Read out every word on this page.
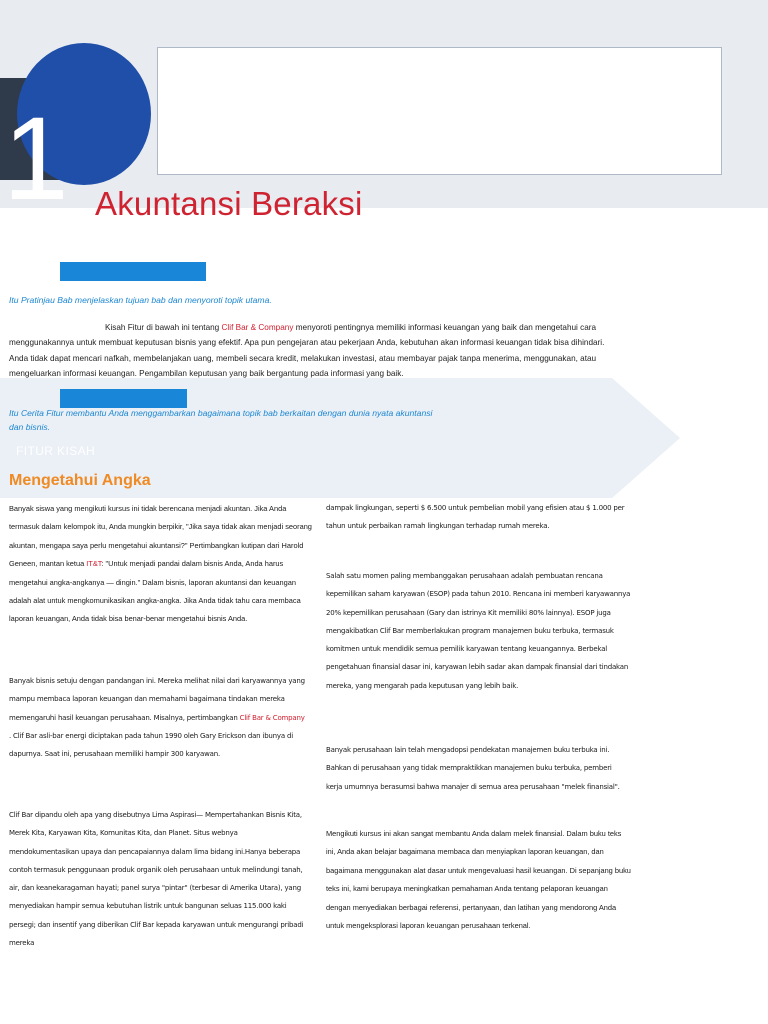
1 Akuntansi Beraksi

Itu Pratinjau Bab menjelaskan tujuan bab dan menyoroti topik utama.

Kisah Fitur di bawah ini tentang Clif Bar & Company menyoroti pentingnya memiliki informasi keuangan yang baik dan mengetahui cara menggunakannya untuk membuat keputusan bisnis yang efektif. Apa pun pengejaran atau pekerjaan Anda, kebutuhan akan informasi keuangan tidak bisa dihindari. Anda tidak dapat mencari nafkah, membelanjakan uang, membeli secara kredit, melakukan investasi, atau membayar pajak tanpa menerima, menggunakan, atau mengeluarkan informasi keuangan. Pengambilan keputusan yang baik bergantung pada informasi yang baik.

Itu Cerita Fitur membantu Anda menggambarkan bagaimana topik bab berkaitan dengan dunia nyata akuntansi dan bisnis.

FITUR KISAH
Mengetahui Angka

Banyak siswa yang mengikuti kursus ini tidak berencana menjadi akuntan. Jika Anda termasuk dalam kelompok itu, Anda mungkin berpikir, "Jika saya tidak akan menjadi seorang akuntan, mengapa saya perlu mengetahui akuntansi?" Pertimbangkan kutipan dari Harold Geneen, mantan ketua IT&T: "Untuk menjadi pandai dalam bisnis Anda, Anda harus mengetahui angka-angkanya — dingin." Dalam bisnis, laporan akuntansi dan keuangan adalah alat untuk mengkomunikasikan angka-angka. Jika Anda tidak tahu cara membaca laporan keuangan, Anda tidak bisa benar-benar mengetahui bisnis Anda.

Banyak bisnis setuju dengan pandangan ini. Mereka melihat nilai dari karyawannya yang mampu membaca laporan keuangan dan memahami bagaimana tindakan mereka memengaruhi hasil keuangan perusahaan. Misalnya, pertimbangkan Clif Bar & Company . Clif Bar asli-bar energi diciptakan pada tahun 1990 oleh Gary Erickson dan ibunya di dapurnya. Saat ini, perusahaan memiliki hampir 300 karyawan.

Clif Bar dipandu oleh apa yang disebutnya Lima Aspirasi— Mempertahankan Bisnis Kita, Merek Kita, Karyawan Kita, Komunitas Kita, dan Planet. Situs webnya mendokumentasikan upaya dan pencapaiannya dalam lima bidang ini.Hanya beberapa contoh termasuk penggunaan produk organik oleh perusahaan untuk melindungi tanah, air, dan keanekaragaman hayati; panel surya "pintar" (terbesar di Amerika Utara), yang menyediakan hampir semua kebutuhan listrik untuk bangunan seluas 115.000 kaki persegi; dan insentif yang diberikan Clif Bar kepada karyawan untuk mengurangi pribadi mereka

dampak lingkungan, seperti $ 6.500 untuk pembelian mobil yang efisien atau $ 1.000 per tahun untuk perbaikan ramah lingkungan terhadap rumah mereka.

Salah satu momen paling membanggakan perusahaan adalah pembuatan rencana kepemilikan saham karyawan (ESOP) pada tahun 2010. Rencana ini memberi karyawannya 20% kepemilikan perusahaan (Gary dan istrinya Kit memiliki 80% lainnya). ESOP juga mengakibatkan Clif Bar memberlakukan program manajemen buku terbuka, termasuk komitmen untuk mendidik semua pemilik karyawan tentang keuangannya. Berbekal pengetahuan finansial dasar ini, karyawan lebih sadar akan dampak finansial dari tindakan mereka, yang mengarah pada keputusan yang lebih baik.

Banyak perusahaan lain telah mengadopsi pendekatan manajemen buku terbuka ini. Bahkan di perusahaan yang tidak mempraktikkan manajemen buku terbuka, pemberi kerja umumnya berasumsi bahwa manajer di semua area perusahaan "melek finansial".

Mengikuti kursus ini akan sangat membantu Anda dalam melek finansial. Dalam buku teks ini, Anda akan belajar bagaimana membaca dan menyiapkan laporan keuangan, dan bagaimana menggunakan alat dasar untuk mengevaluasi hasil keuangan. Di sepanjang buku teks ini, kami berupaya meningkatkan pemahaman Anda tentang pelaporan keuangan dengan menyediakan berbagai referensi, pertanyaan, dan latihan yang mendorong Anda untuk mengeksplorasi laporan keuangan perusahaan terkenal.
